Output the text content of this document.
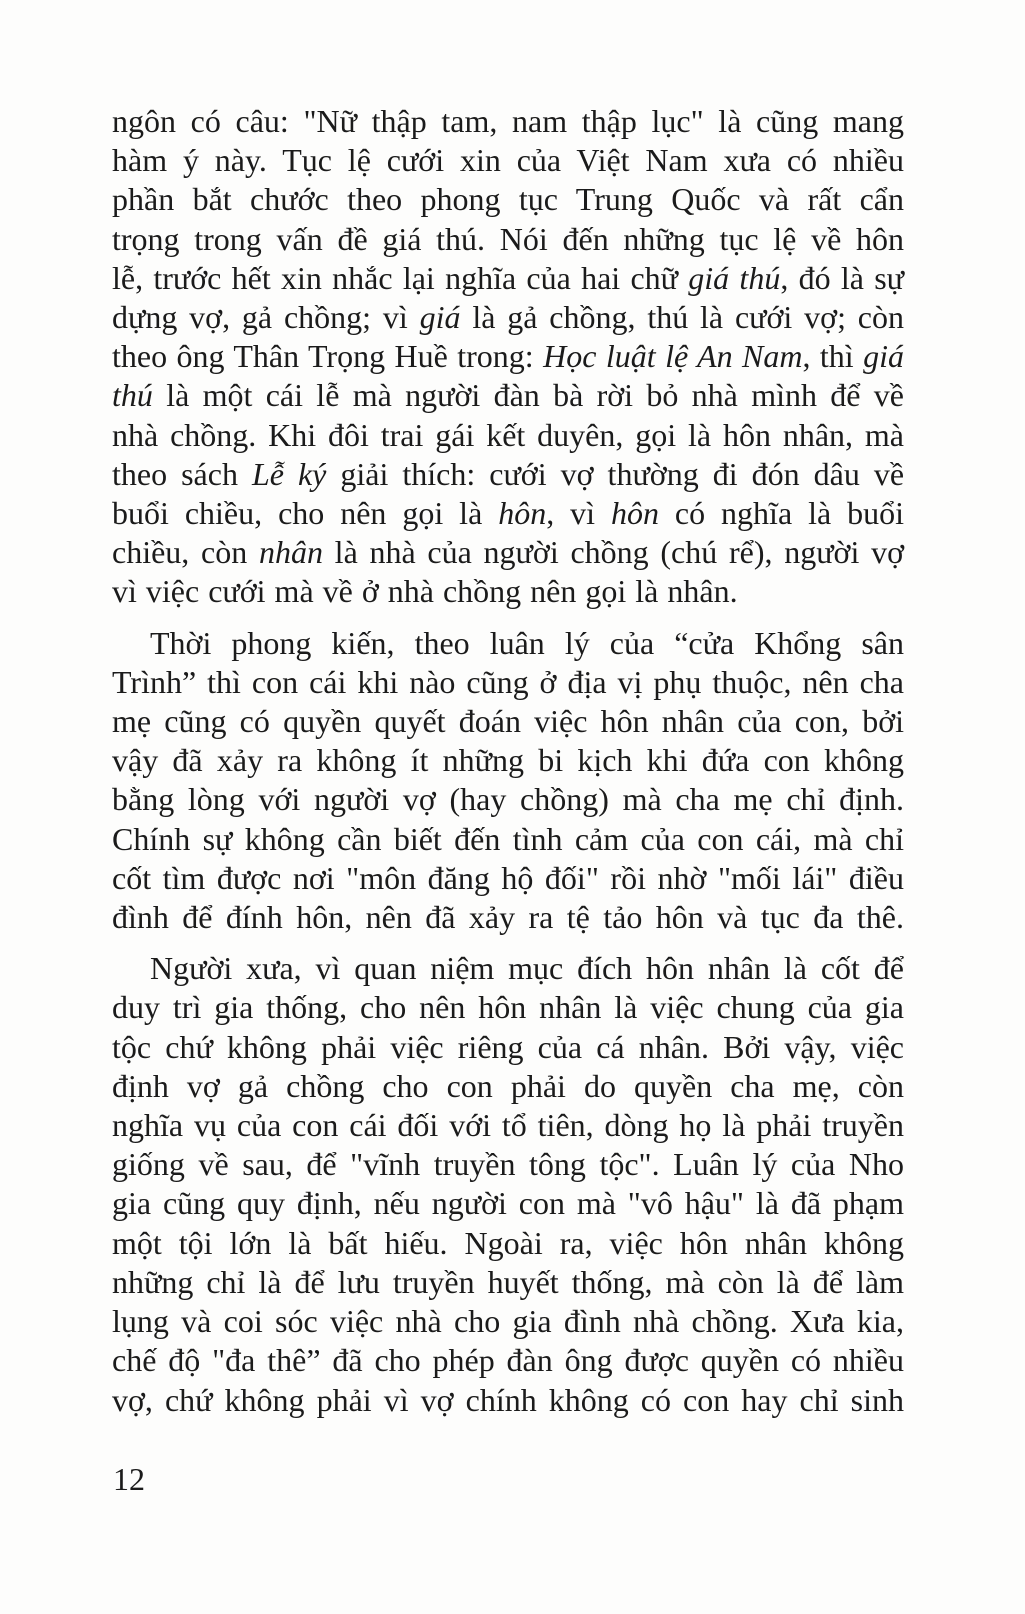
ngôn có câu: "Nữ thập tam, nam thập lục" là cũng mang
hàm ý này. Tục lệ cưới xin của Việt Nam xưa có nhiều
phần bắt chước theo phong tục Trung Quốc và rất cẩn
trọng trong vấn đề giá thú. Nói đến những tục lệ về hôn
lễ, trước hết xin nhắc lại nghĩa của hai chữ giá thú, đó là sự
dựng vợ, gả chồng; vì giá là gả chồng, thú là cưới vợ; còn
theo ông Thân Trọng Huề trong: Học luật lệ An Nam, thì giá
thú là một cái lễ mà người đàn bà rời bỏ nhà mình để về
nhà chồng. Khi đôi trai gái kết duyên, gọi là hôn nhân, mà
theo sách Lễ ký giải thích: cưới vợ thường đi đón dâu về
buổi chiều, cho nên gọi là hôn, vì hôn có nghĩa là buổi
chiều, còn nhân là nhà của người chồng (chú rể), người vợ
vì việc cưới mà về ở nhà chồng nên gọi là nhân.
Thời phong kiến, theo luân lý của “cửa Khổng sân
Trình” thì con cái khi nào cũng ở địa vị phụ thuộc, nên cha
mẹ cũng có quyền quyết đoán việc hôn nhân của con, bởi
vậy đã xảy ra không ít những bi kịch khi đứa con không
bằng lòng với người vợ (hay chồng) mà cha mẹ chỉ định.
Chính sự không cần biết đến tình cảm của con cái, mà chỉ
cốt tìm được nơi "môn đăng hộ đối" rồi nhờ "mối lái" điều
đình để đính hôn, nên đã xảy ra tệ tảo hôn và tục đa thê.
Người xưa, vì quan niệm mục đích hôn nhân là cốt để
duy trì gia thống, cho nên hôn nhân là việc chung của gia
tộc chứ không phải việc riêng của cá nhân. Bởi vậy, việc
định vợ gả chồng cho con phải do quyền cha mẹ, còn
nghĩa vụ của con cái đối với tổ tiên, dòng họ là phải truyền
giống về sau, để "vĩnh truyền tông tộc". Luân lý của Nho
gia cũng quy định, nếu người con mà "vô hậu" là đã phạm
một tội lớn là bất hiếu. Ngoài ra, việc hôn nhân không
những chỉ là để lưu truyền huyết thống, mà còn là để làm
lụng và coi sóc việc nhà cho gia đình nhà chồng. Xưa kia,
chế độ "đa thê” đã cho phép đàn ông được quyền có nhiều
vợ, chứ không phải vì vợ chính không có con hay chỉ sinh
12
